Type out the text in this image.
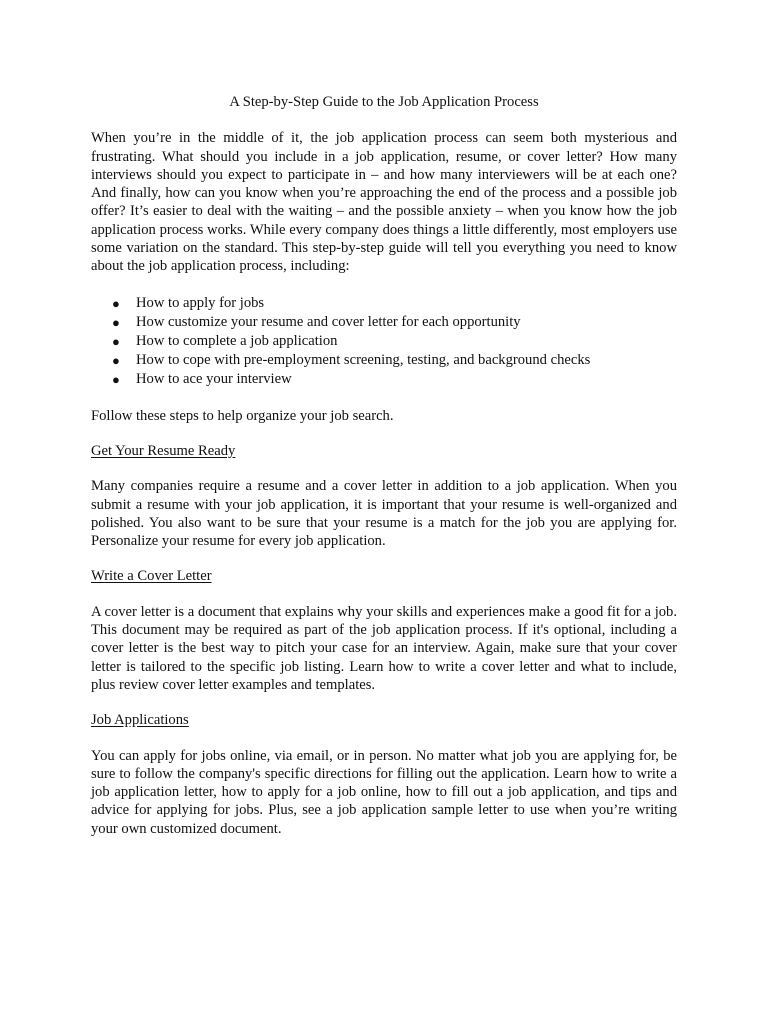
A Step-by-Step Guide to the Job Application Process

When you’re in the middle of it, the job application process can seem both mysterious and frustrating. What should you include in a job application, resume, or cover letter? How many interviews should you expect to participate in – and how many interviewers will be at each one? And finally, how can you know when you’re approaching the end of the process and a possible job offer? It’s easier to deal with the waiting – and the possible anxiety – when you know how the job application process works. While every company does things a little differently, most employers use some variation on the standard. This step-by-step guide will tell you everything you need to know about the job application process, including:

● How to apply for jobs
● How customize your resume and cover letter for each opportunity
● How to complete a job application
● How to cope with pre-employment screening, testing, and background checks
● How to ace your interview

Follow these steps to help organize your job search.

Get Your Resume Ready

Many companies require a resume and a cover letter in addition to a job application. When you submit a resume with your job application, it is important that your resume is well-organized and polished. You also want to be sure that your resume is a match for the job you are applying for. Personalize your resume for every job application.

Write a Cover Letter

A cover letter is a document that explains why your skills and experiences make a good fit for a job. This document may be required as part of the job application process. If it's optional, including a cover letter is the best way to pitch your case for an interview. Again, make sure that your cover letter is tailored to the specific job listing. Learn how to write a cover letter and what to include, plus review cover letter examples and templates.

Job Applications

You can apply for jobs online, via email, or in person. No matter what job you are applying for, be sure to follow the company's specific directions for filling out the application. Learn how to write a job application letter, how to apply for a job online, how to fill out a job application, and tips and advice for applying for jobs. Plus, see a job application sample letter to use when you’re writing your own customized document.
